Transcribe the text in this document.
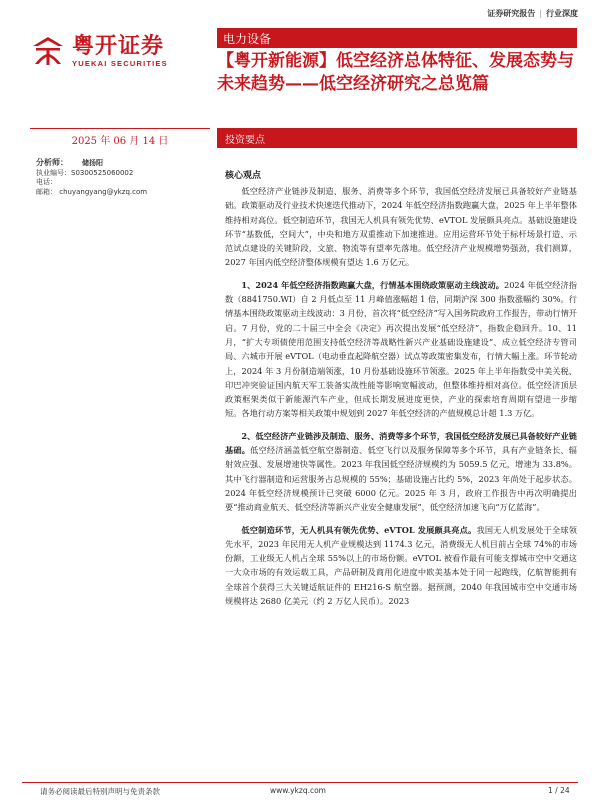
证券研究报告 | 行业深度
粤开证券
YUEKAI SECURITIES
电力设备
【粤开新能源】低空经济总体特征、发展态势与未来趋势——低空经济研究之总览篇
2025 年 06 月 14 日	投资要点
分析师： 储扬阳
执业编号：S0300525060002
电话：
邮箱： chuyangyang@ykzq.com
核心观点

低空经济产业链涉及制造、服务、消费等多个环节，我国低空经济发展已具备较好产业链基础。政策驱动及行业技术快速迭代推动下，2024 年低空经济指数跑赢大盘，2025 年上半年整体维持相对高位。低空制造环节，我国无人机具有领先优势、eVTOL 发展颇具亮点。基础设施建设环节“基数低，空间大”，中央和地方双重推动下加速推进。应用运营环节处于标杆场景打造、示范试点建设的关键阶段，文旅、物流等有望率先落地。低空经济产业规模增势强劲，我们测算，2027 年国内低空经济整体规模有望达 1.6 万亿元。

1、2024 年低空经济指数跑赢大盘，行情基本围绕政策驱动主线波动。2024 年低空经济指数（8841750.WI）自 2 月低点至 11 月峰值涨幅超 1 倍，同期沪深 300 指数涨幅约 30%。行情基本围绕政策驱动主线波动：3 月份，首次将“低空经济”写入国务院政府工作报告，带动行情开启。7 月份，党的二十届三中全会《决定》再次提出发展“低空经济”，指数企稳回升。10、11 月，“扩大专项债使用范围支持低空经济等战略性新兴产业基础设施建设”、成立低空经济专管司局、六城市开展 eVTOL（电动垂直起降航空器）试点等政策密集发布，行情大幅上涨。环节轮动上，2024 年 3 月份制造端领涨，10 月份基础设施环节领涨。2025 年上半年指数受中美关税、印巴冲突验证国内航天军工装备实战性能等影响宽幅波动，但整体维持相对高位。低空经济顶层政策框架类似于新能源汽车产业，但成长期发展进度更快，产业的探索培育周期有望进一步缩短。各地行动方案等相关政策中规划到 2027 年低空经济的产值规模总计超 1.3 万亿。

2、低空经济产业链涉及制造、服务、消费等多个环节，我国低空经济发展已具备较好产业链基础。低空经济涵盖低空航空器制造、低空飞行以及服务保障等多个环节，具有产业链条长、辐射效应强、发展增速快等属性。2023 年我国低空经济规模约为 5059.5 亿元，增速为 33.8%。其中飞行器制造和运营服务占总规模的 55%；基础设施占比约 5%，2023 年尚处于起步状态。2024 年低空经济规模预计已突破 6000 亿元。2025 年 3 月，政府工作报告中再次明确提出要“推动商业航天、低空经济等新兴产业安全健康发展”，低空经济加速飞向“万亿蓝海”。

低空制造环节，无人机具有领先优势、eVTOL 发展颇具亮点。我国无人机发展处于全球领先水平，2023 年民用无人机产业规模达到 1174.3 亿元，消费级无人机目前占全球 74%的市场份额，工业级无人机占全球 55%以上的市场份额。eVTOL 被看作最有可能支撑城市空中交通这一大众市场的有效运载工具，产品研制及商用化进度中欧美基本处于同一起跑线，亿航智能拥有全球首个获得三大关键适航证件的 EH216-S 航空器。据预测，2040 年我国城市空中交通市场规模将达 2680 亿美元（约 2 万亿人民币）。2023

请务必阅读最后特别声明与免责条款	www.ykzq.com	1 / 24
